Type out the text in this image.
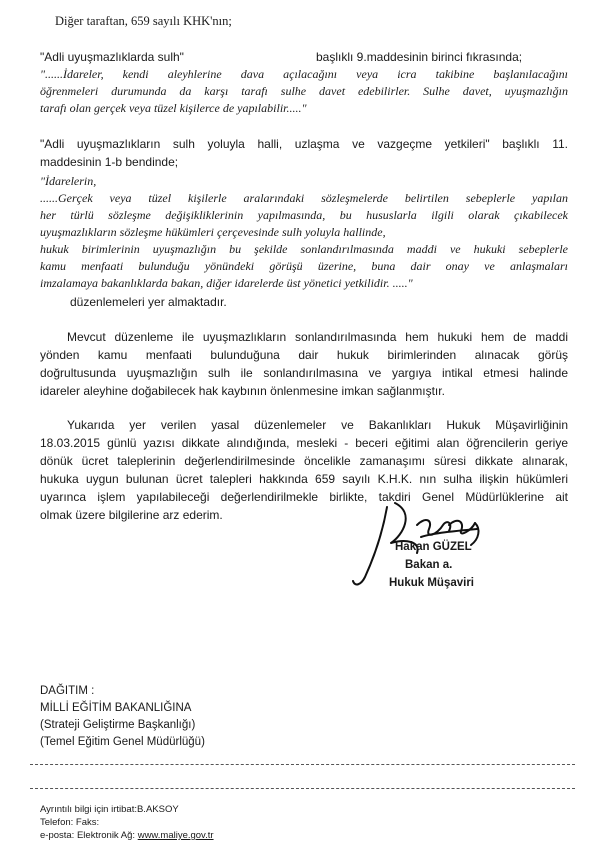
Diğer taraftan, 659 sayılı KHK'nın;
"Adli uyuşmazlıklarda sulh"	başlıklı 9.maddesinin birinci fıkrasında;
"......İdareler, kendi aleyhlerine dava açılacağını veya icra takibine başlanılacağını
öğrenmeleri durumunda da karşı tarafı sulhe davet edebilirler. Sulhe davet, uyuşmazlığın
tarafı olan gerçek veya tüzel kişilerce de yapılabilir....."
"Adli uyuşmazlıkların sulh yoluyla halli, uzlaşma ve vazgeçme yetkileri" başlıklı 11.
maddesinin 1-b bendinde;
"İdarelerin,
......Gerçek veya tüzel kişilerle aralarındaki sözleşmelerde belirtilen sebeplerle yapılan
her türlü sözleşme değişikliklerinin yapılmasında, bu hususlarla ilgili olarak çıkabilecek
uyuşmazlıkların sözleşme hükümleri çerçevesinde sulh yoluyla hallinde,
hukuk birimlerinin uyuşmazlığın bu şekilde sonlandırılmasında maddi ve hukuki sebeplerle
kamu menfaati bulunduğu yönündeki görüşü üzerine, buna dair onay ve anlaşmaları
imzalamaya bakanlıklarda bakan, diğer idarelerde üst yönetici yetkilidir. ....."
düzenlemeleri yer almaktadır.
Mevcut düzenleme ile uyuşmazlıkların sonlandırılmasında hem hukuki hem de maddi
yönden kamu menfaati bulunduğuna dair hukuk birimlerinden alınacak görüş
doğrultusunda uyuşmazlığın sulh ile sonlandırılmasına ve yargıya intikal etmesi halinde
idareler aleyhine doğabilecek hak kaybının önlenmesine imkan sağlanmıştır.
Yukarıda yer verilen yasal düzenlemeler ve Bakanlıkları Hukuk Müşavirliğinin
18.03.2015 günlü yazısı dikkate alındığında, mesleki - beceri eğitimi alan öğrencilerin geriye
dönük ücret taleplerinin değerlendirilmesinde öncelikle zamanaşımı süresi dikkate alınarak,
hukuka uygun bulunan ücret talepleri hakkında 659 sayılı K.H.K. nın sulha ilişkin hükümleri
uyarınca işlem yapılabileceği değerlendirilmekle birlikte, takdiri Genel Müdürlüklerine ait
olmak üzere bilgilerine arz ederim.
Hakan GÜZEL
Bakan a.
Hukuk Müşaviri
DAĞITIM :
MİLLİ EĞİTİM BAKANLIĞINA
(Strateji Geliştirme Başkanlığı)
(Temel Eğitim Genel Müdürlüğü)
Ayrıntılı bilgi için irtibat:B.AKSOY
Telefon: Faks:
e-posta: Elektronik Ağ: www.maliye.gov.tr
